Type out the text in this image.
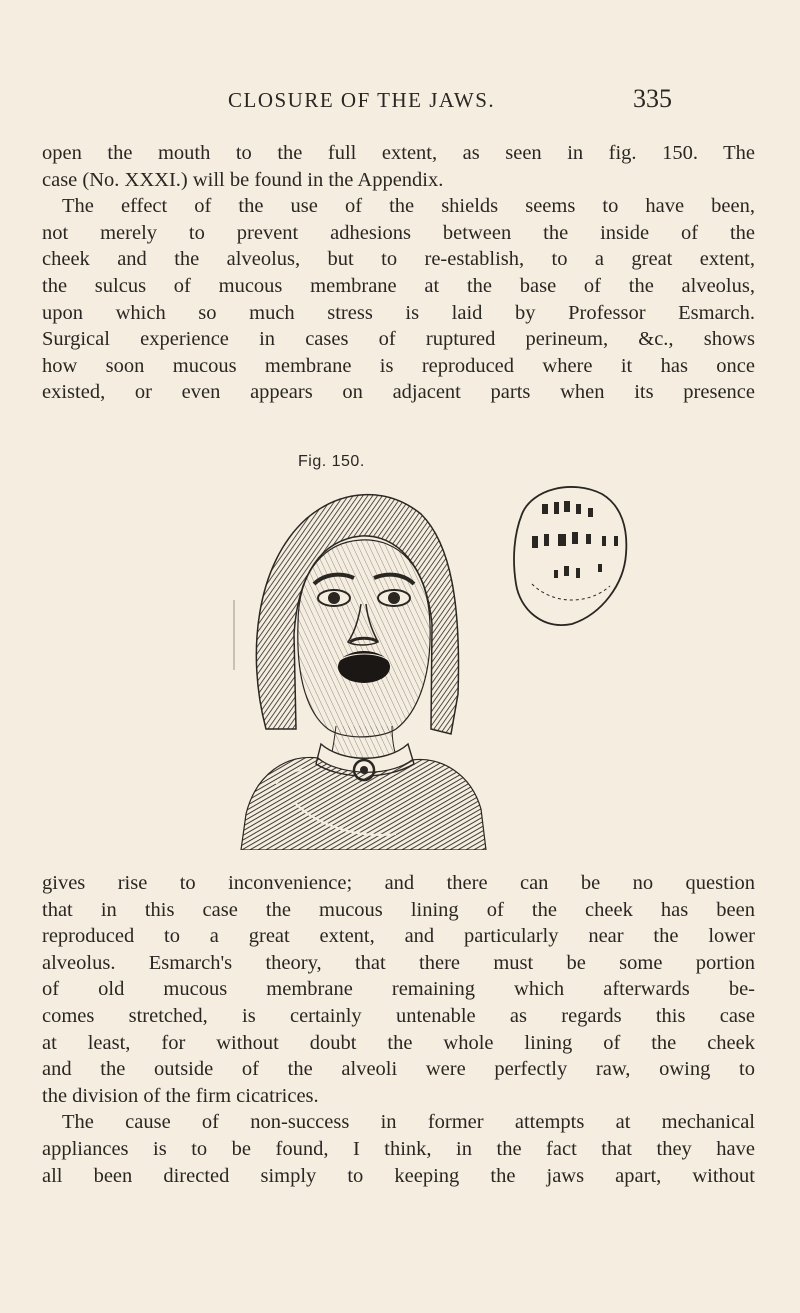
CLOSURE OF THE JAWS.	335

open the mouth to the full extent, as seen in fig. 150. The
case (No. XXXI.) will be found in the Appendix.
The effect of the use of the shields seems to have been,
not merely to prevent adhesions between the inside of the
cheek and the alveolus, but to re-establish, to a great extent,
the sulcus of mucous membrane at the base of the alveolus,
upon which so much stress is laid by Professor Esmarch.
Surgical experience in cases of ruptured perineum, &c., shows
how soon mucous membrane is reproduced where it has once
existed, or even appears on adjacent parts when its presence

Fig. 150.

gives rise to inconvenience; and there can be no question
that in this case the mucous lining of the cheek has been
reproduced to a great extent, and particularly near the lower
alveolus. Esmarch's theory, that there must be some portion
of old mucous membrane remaining which afterwards be-
comes stretched, is certainly untenable as regards this case
at least, for without doubt the whole lining of the cheek
and the outside of the alveoli were perfectly raw, owing to
the division of the firm cicatrices.
The cause of non-success in former attempts at mechanical
appliances is to be found, I think, in the fact that they have
all been directed simply to keeping the jaws apart, without
